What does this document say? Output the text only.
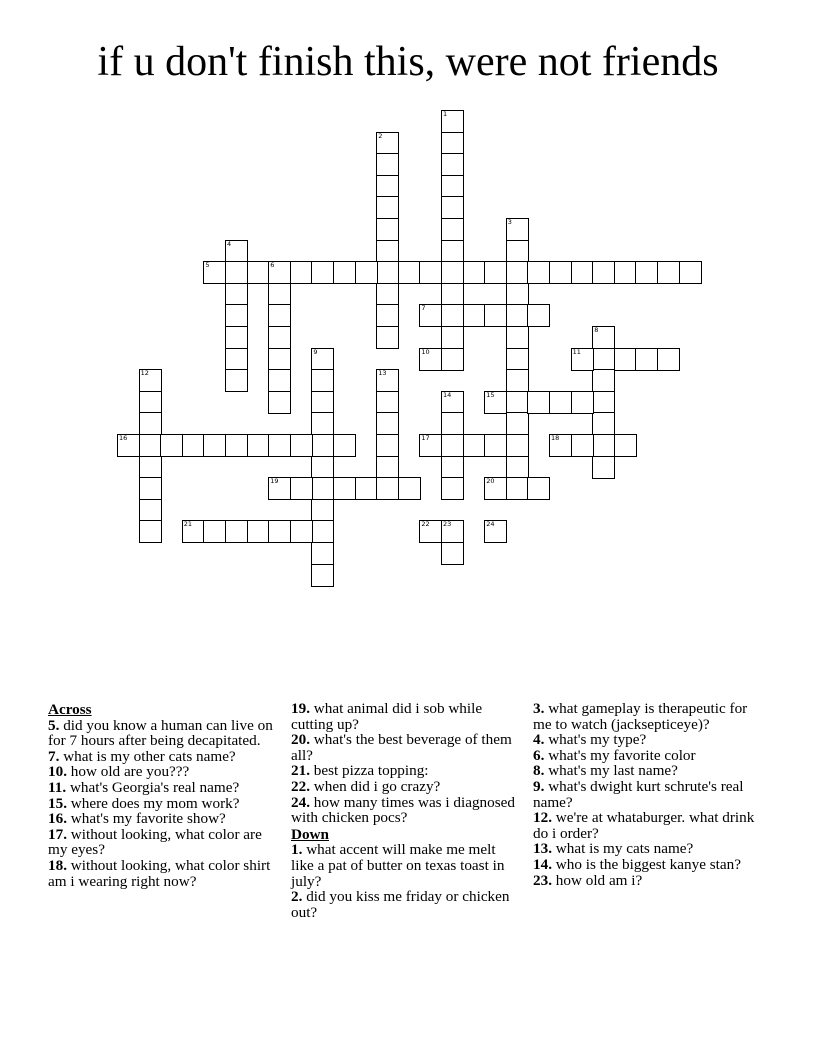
if u don't finish this, were not friends
1
2
3
4
5	6
7
8
9	10	11
12	13
14	15
16	17	18
19	20
21	22 23	24
Across
5. did you know a human can live on for 7 hours after being decapitated.
7. what is my other cats name?
10. how old are you???
11. what's Georgia's real name?
15. where does my mom work?
16. what's my favorite show?
17. without looking, what color are my eyes?
18. without looking, what color shirt am i wearing right now?
19. what animal did i sob while cutting up?
20. what's the best beverage of them all?
21. best pizza topping:
22. when did i go crazy?
24. how many times was i diagnosed with chicken pocs?
Down
1. what accent will make me melt like a pat of butter on texas toast in july?
2. did you kiss me friday or chicken out?
3. what gameplay is therapeutic for me to watch (jacksepticeye)?
4. what's my type?
6. what's my favorite color
8. what's my last name?
9. what's dwight kurt schrute's real name?
12. we're at whataburger. what drink do i order?
13. what is my cats name?
14. who is the biggest kanye stan?
23. how old am i?
